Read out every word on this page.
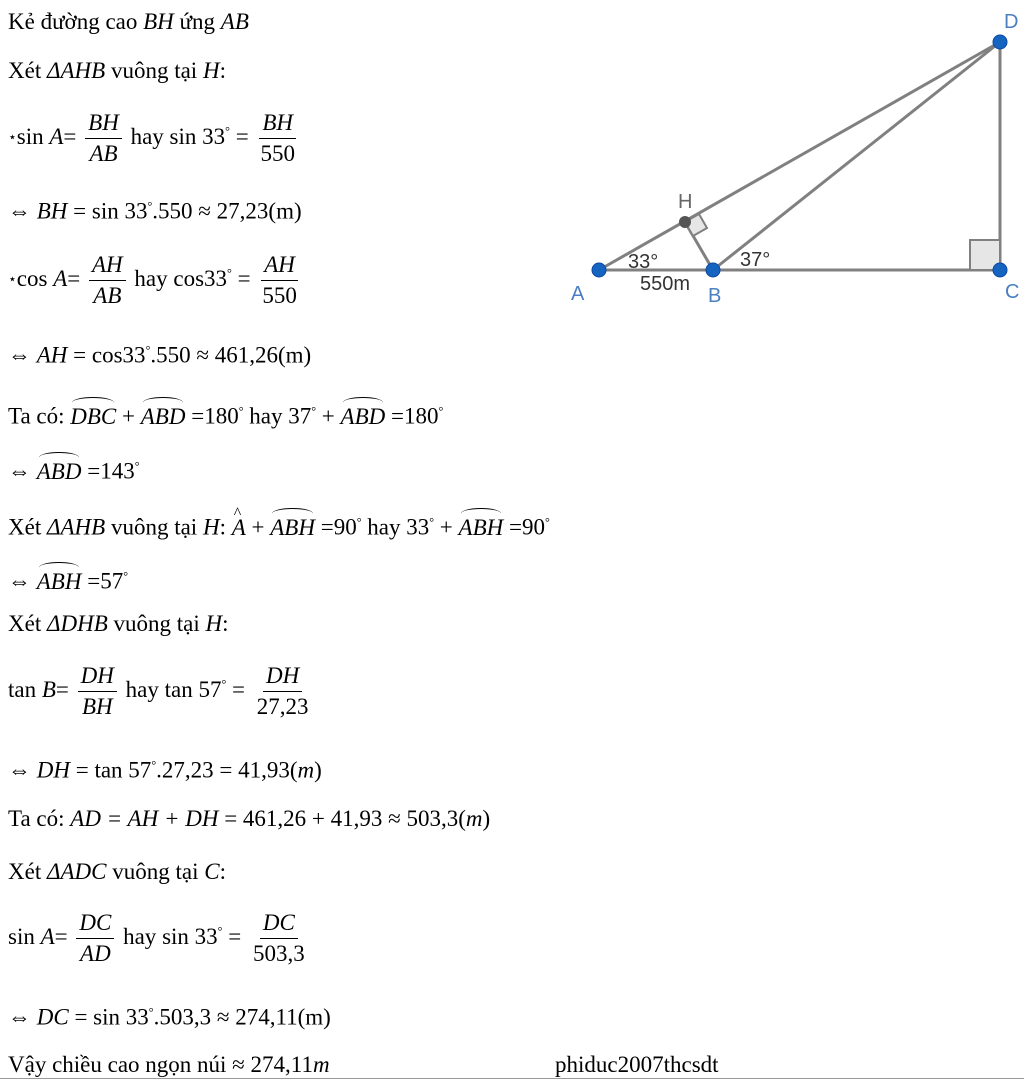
Kẻ đường cao BH ứng AB
Xét ΔAHB vuông tại H:
⋆sin $A= \frac{BH}{AB}$ hay $\sin 33^\circ = \frac{BH}{550}$
⇔ BH = sin 33°.550 ≈ 27,23(m)
⋆cos $A= \frac{AH}{AB}$ hay $\cos 33^\circ = \frac{AH}{550}$
⇔ AH = cos33°.550 ≈ 461,26(m)
Ta có: DBC + ABD =180° hay 37° + ABD =180°
⇔ ABD =143°
Xét ΔAHB vuông tại H: ^ A + ABH =90° hay 33° + ABH =90°
⇔ ABH =57°
Xét ΔDHB vuông tại H:
$\tan B= \frac{DH}{BH}$ hay $\tan 57^\circ = \frac{DH}{27,23}$
⇔ DH = tan 57°.27,23 = 41,93(m)
Ta có: AD = AH + DH = 461,26 + 41,93 ≈ 503,3(m)
Xét ΔADC vuông tại C:
$\sin A= \frac{DC}{AD}$ hay $\sin 33^\circ = \frac{DC}{503,3}$
⇔ DC = sin 33°.503,3 ≈ 274,11(m)
Vậy chiều cao ngọn núi ≈ 274,11m	phiduc2007thcsdt
A	B	C
D
H
33°	37°
550m
